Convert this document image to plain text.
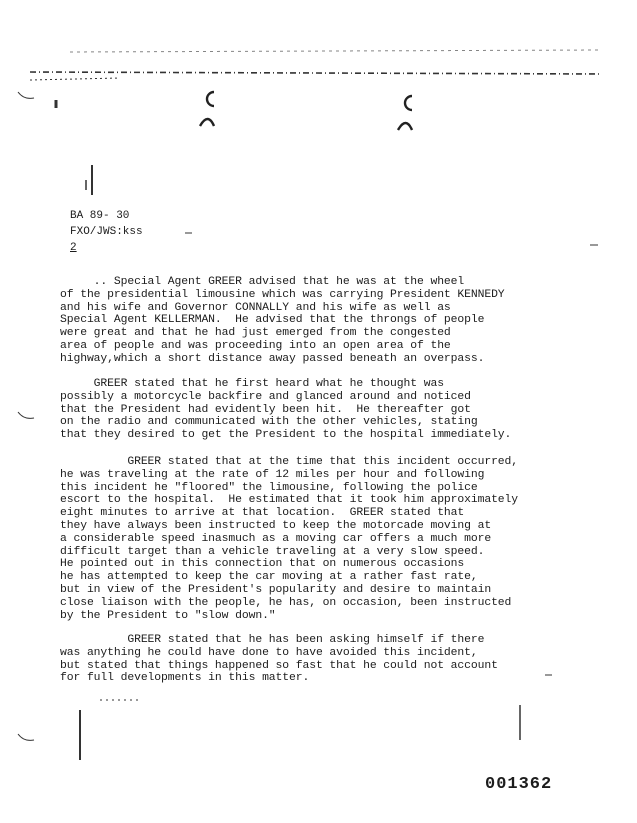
BA 89- 30
FXO/JWS:kss
2
.. Special Agent GREER advised that he was at the wheel
of the presidential limousine which was carrying President KENNEDY
and his wife and Governor CONNALLY and his wife as well as
Special Agent KELLERMAN.  He advised that the throngs of people
were great and that he had just emerged from the congested
area of people and was proceeding into an open area of the
highway,which a short distance away passed beneath an overpass.
GREER stated that he first heard what he thought was
possibly a motorcycle backfire and glanced around and noticed
that the President had evidently been hit.  He thereafter got
on the radio and communicated with the other vehicles, stating
that they desired to get the President to the hospital immediately.
GREER stated that at the time that this incident occurred,
he was traveling at the rate of 12 miles per hour and following
this incident he "floored" the limousine, following the police
escort to the hospital.  He estimated that it took him approximately
eight minutes to arrive at that location.  GREER stated that
they have always been instructed to keep the motorcade moving at
a considerable speed inasmuch as a moving car offers a much more
difficult target than a vehicle traveling at a very slow speed.
He pointed out in this connection that on numerous occasions
he has attempted to keep the car moving at a rather fast rate,
but in view of the President's popularity and desire to maintain
close liaison with the people, he has, on occasion, been instructed
by the President to "slow down."
GREER stated that he has been asking himself if there
was anything he could have done to have avoided this incident,
but stated that things happened so fast that he could not account
for full developments in this matter.
001362
